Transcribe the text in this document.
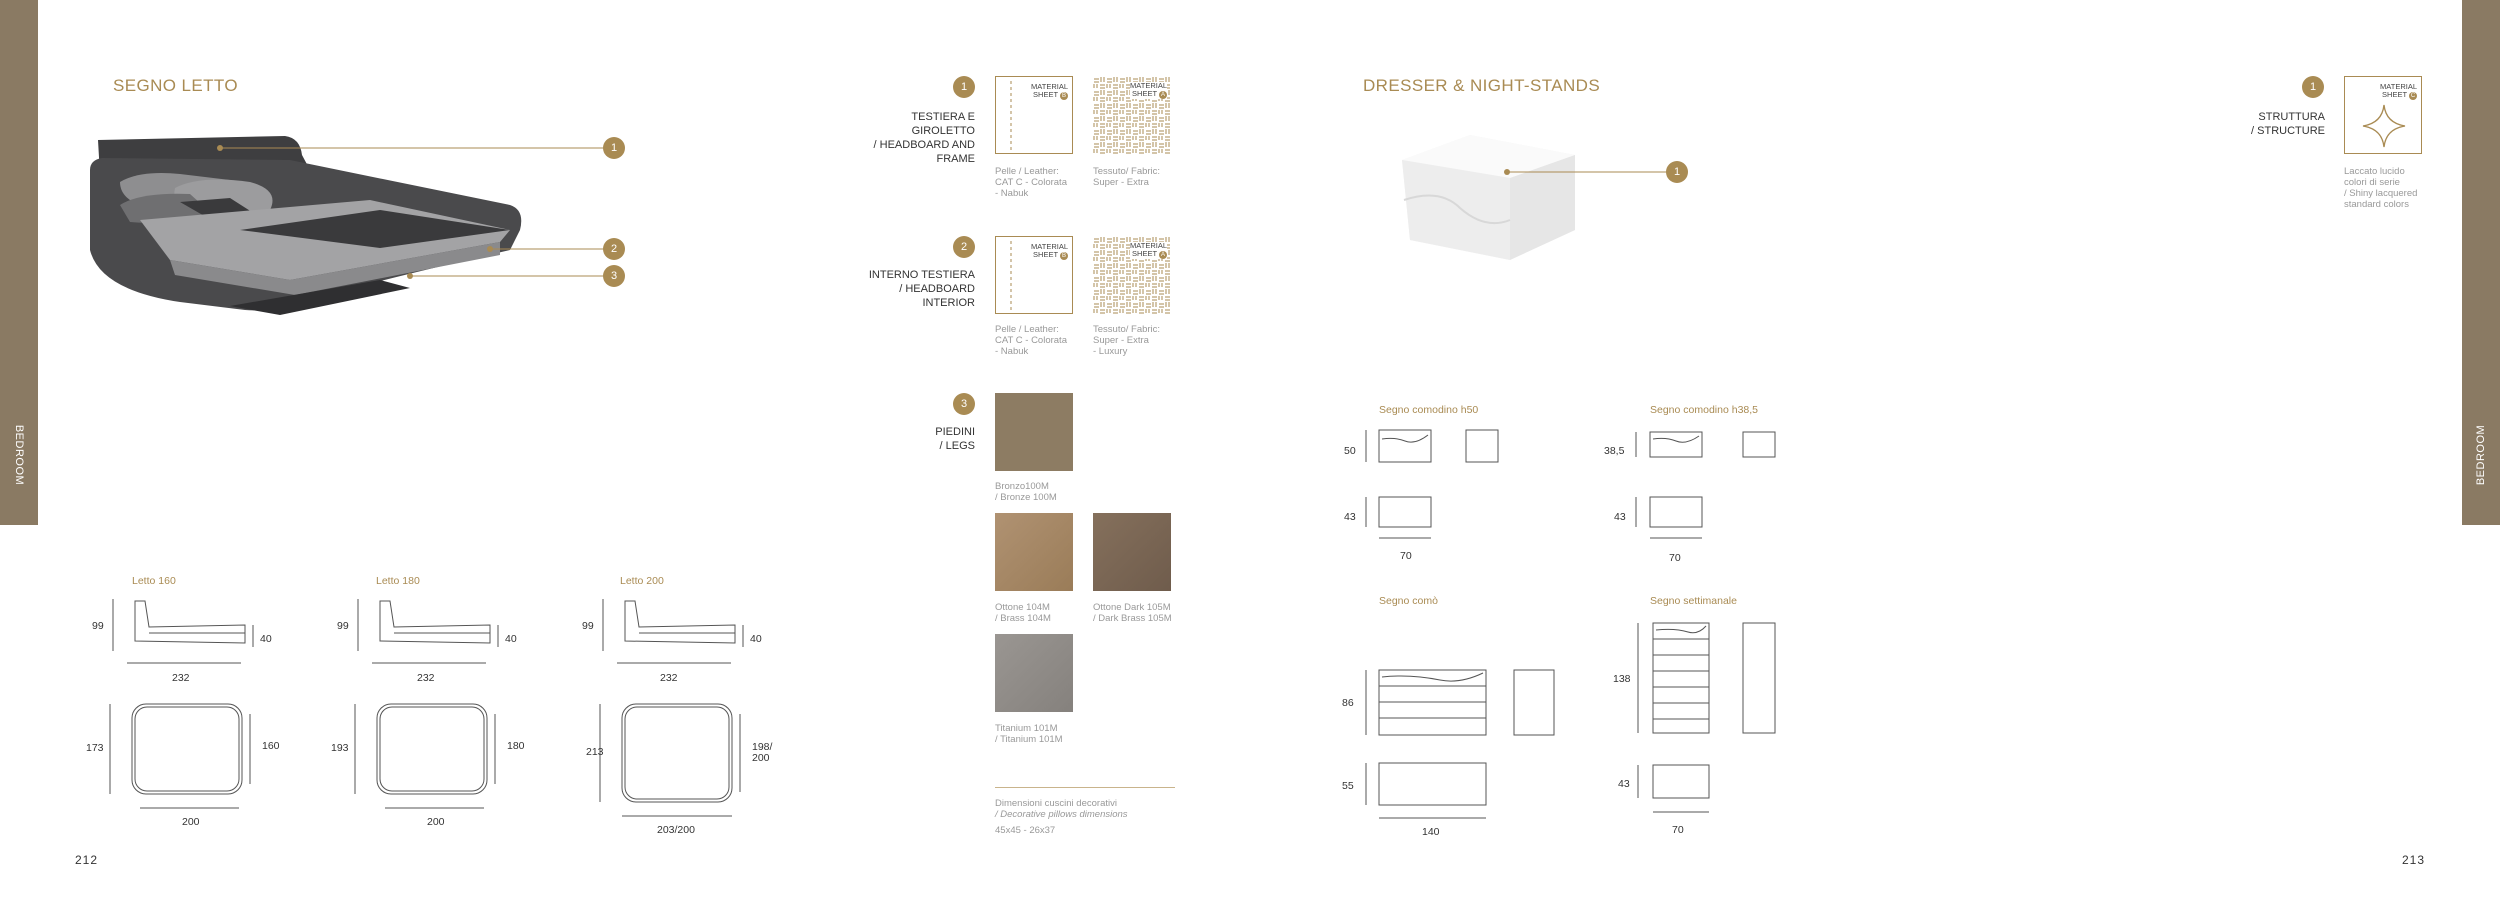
BEDROOM
SEGNO LETTO
1
2
3
1
TESTIERA E
GIROLETTO
/ HEADBOARD AND
FRAME
MATERIAL
SHEET B
MATERIAL
SHEET A
Pelle / Leather:
CAT C - Colorata
- Nabuk
Tessuto/ Fabric:
Super - Extra
2
INTERNO TESTIERA
/ HEADBOARD
INTERIOR
MATERIAL
SHEET B
MATERIAL
SHEET A
Pelle / Leather:
CAT C - Colorata
- Nabuk
Tessuto/ Fabric:
Super - Extra
- Luxury
3
PIEDINI
/ LEGS
Bronzo100M
/ Bronze 100M
Ottone 104M
/ Brass 104M
Ottone Dark 105M
/ Dark Brass 105M
Titanium 101M
/ Titanium 101M
Dimensioni cuscini decorativi
/ Decorative pillows dimensions
45x45 - 26x37
Letto 160	Letto 180	Letto 200
99
40
232
173	160
200
99
40
232
193	180
200
99
40
232
213	198/
200
203/200
212
DRESSER & NIGHT-STANDS
1
1
STRUTTURA
/ STRUCTURE
MATERIAL
SHEET C
Laccato lucido
colori di serie
/ Shiny lacquered
standard colors
Segno comodino h50	Segno comodino h38,5
Segno comò	Segno settimanale
50
43
70
38,5
43
70
86
55
140
138
43
70
213
BEDROOM
